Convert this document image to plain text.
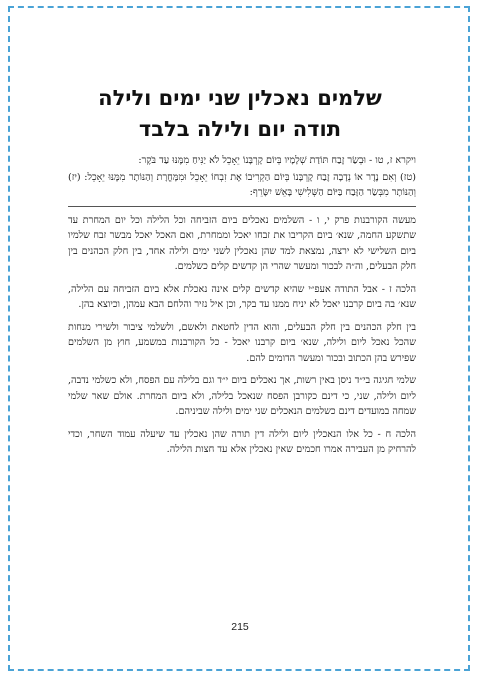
שלמים נאכלין שני ימים ולילה
תודה יום ולילה בלבד

ויקרא ז, טו - וּבְשַׂר זֶבַח תּוֹדַת שְׁלָמָיו בְּיוֹם קָרְבָּנוֹ יֵאָכֵל לֹא יַנִּיחַ מִמֶּנּוּ עַד בֹּקֶר:

(טז) וְאִם נֶדֶר אוֹ נְדָבָה זֶבַח קָרְבָּנוֹ בְּיוֹם הַקְרִיבוֹ אֶת זִבְחוֹ יֵאָכֵל וּמִמָּחֳרָת וְהַנּוֹתָר מִמֶּנּוּ יֵאָכֵל: (יז) וְהַנּוֹתָר מִבְּשַׂר הַזָּבַח בַּיּוֹם הַשְּׁלִישִׁי בָּאֵשׁ יִשָּׂרֵף:

מעשה הקורבנות פרק י, ו - השלמים נאכלים ביום הזביחה וכל הלילה וכל יום המחרת עד שתשקע החמה, שנא׳ ביום הקריבו את זבחו יאכל וממחרת, ואם האכל יאכל מבשר זבח שלמיו ביום השלישי לא ירצה, נמצאת למד שהן נאכלין לשני ימים ולילה אחד, בין חלק הכהנים בין חלק הבעלים, וה״ה לבכור ומעשר שהרי הן קדשים קלים כשלמים.

הלכה ז - אבל התודה אעפ״י שהיא קדשים קלים אינה נאכלת אלא ביום הזביחה עם הלילה, שנא׳ בה ביום קרבנו יאכל לא יניח ממנו עד בקר, וכן איל נזיר והלחם הבא עמהן, וכיוצא בהן.

בין חלק הכהנים בין חלק הבעלים, והוא הדין לחטאת ולאשם, ולשלמי ציבור ולשירי מנחות שהכל נאכל ליום ולילה, שנא׳ ביום קרבנו יאכל - כל הקורבנות במשמע, חוץ מן השלמים שפירש בהן הכתוב ובכור ומעשר הדומים להם.

שלמי חגיגה בי״ד ניסן באין רשות, אך נאכלים ביום י״ד וגם בלילה עם הפסח, ולא כשלמי נדבה, ליום ולילה, שני, כי דינם כקורבן הפסח שנאכל בלילה, ולא ביום המחרת. אולם שאר שלמי שמחה במועדים דינם כשלמים הנאכלים שני ימים ולילה שביניהם.

הלכה ח - כל אלו הנאכלין ליום ולילה דין תורה שהן נאכלין עד שיעלה עמוד השחר, וכדי להרחיק מן העבירה אמרו חכמים שאין נאכלין אלא עד חצות הלילה.

215
